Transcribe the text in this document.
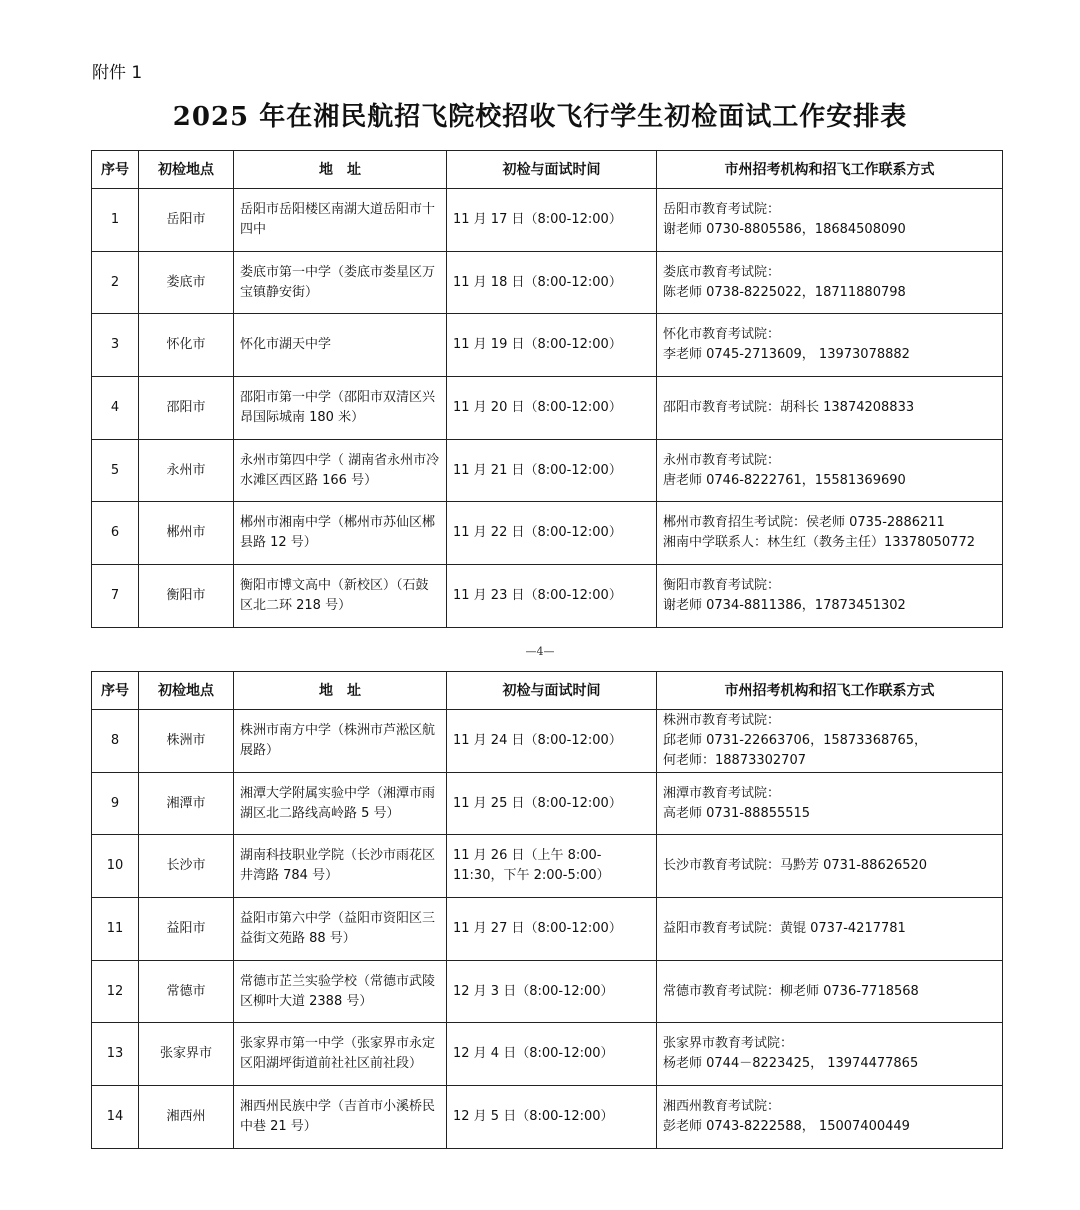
附件 1
2025 年在湘民航招飞院校招收飞行学生初检面试工作安排表
序号	初检地点	地　址	初检与面试时间	市州招考机构和招飞工作联系方式
1	岳阳市	岳阳市岳阳楼区南湖大道岳阳市十四中	11 月 17 日（8:00-12:00）	岳阳市教育考试院：
谢老师 0730-8805586，18684508090

2	娄底市	娄底市第一中学（娄底市娄星区万宝镇静安街）	11 月 18 日（8:00-12:00）	娄底市教育考试院：
陈老师 0738-8225022，18711880798

3	怀化市	怀化市湖天中学	11 月 19 日（8:00-12:00）	怀化市教育考试院：
李老师 0745-2713609， 13973078882

4	邵阳市	邵阳市第一中学（邵阳市双清区兴昂国际城南 180 米）	11 月 20 日（8:00-12:00）	邵阳市教育考试院：胡科长 13874208833

5	永州市	永州市第四中学（ 湖南省永州市冷水滩区西区路 166 号）	11 月 21 日（8:00-12:00）	永州市教育考试院：
唐老师 0746-8222761，15581369690

6	郴州市	郴州市湘南中学（郴州市苏仙区郴县路 12 号）	11 月 22 日（8:00-12:00）	郴州市教育招生考试院：侯老师 0735-2886211
湘南中学联系人：林生红（教务主任）13378050772

7	衡阳市	衡阳市博文高中（新校区）（石鼓区北二环 218 号）	11 月 23 日（8:00-12:00）	衡阳市教育考试院：
谢老师 0734-8811386，17873451302
—4—
序号	初检地点	地　址	初检与面试时间	市州招考机构和招飞工作联系方式
8	株洲市	株洲市南方中学（株洲市芦淞区航展路）	11 月 24 日（8:00-12:00）	株洲市教育考试院：
邱老师 0731-22663706，15873368765，
何老师：18873302707

9	湘潭市	湘潭大学附属实验中学（湘潭市雨湖区北二路线高岭路 5 号）	11 月 25 日（8:00-12:00）	湘潭市教育考试院：
高老师 0731-88855515

10	长沙市	湖南科技职业学院（长沙市雨花区井湾路 784 号）	11 月 26 日（上午 8:00-11:30，下午 2:00-5:00）	长沙市教育考试院：马黔芳 0731-88626520

11	益阳市	益阳市第六中学（益阳市资阳区三益街文苑路 88 号）	11 月 27 日（8:00-12:00）	益阳市教育考试院：黄锟 0737-4217781

12	常德市	常德市芷兰实验学校（常德市武陵区柳叶大道 2388 号）	12 月 3 日（8:00-12:00）	常德市教育考试院：柳老师 0736-7718568

13	张家界市	张家界市第一中学（张家界市永定区阳湖坪街道前社社区前社段）	12 月 4 日（8:00-12:00）	张家界市教育考试院：
杨老师 0744－8223425， 13974477865

14	湘西州	湘西州民族中学（吉首市小溪桥民中巷 21 号）	12 月 5 日（8:00-12:00）	湘西州教育考试院：
彭老师 0743-8222588， 15007400449
